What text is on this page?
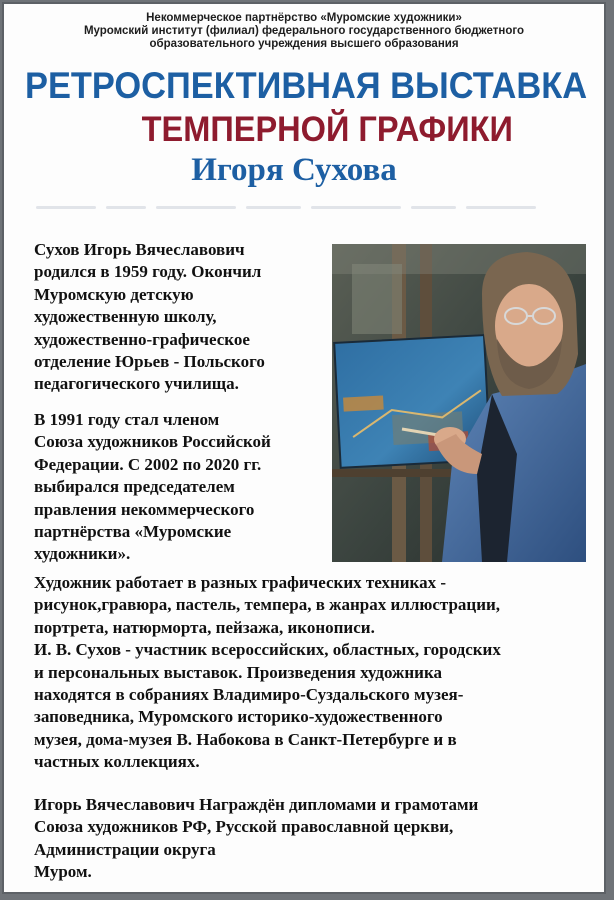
Некоммерческое партнёрство «Муромские художники»
Муромский институт (филиал) федерального государственного бюджетного
образовательного учреждения высшего образования
РЕТРОСПЕКТИВНАЯ ВЫСТАВКА
ТЕМПЕРНОЙ ГРАФИКИ
Игоря Сухова

Сухов Игорь Вячеславович
родился в 1959 году. Окончил
Муромскую детскую
художественную школу,
художественно-графическое
отделение Юрьев - Польского
педагогического училища.

В 1991 году стал членом
Союза художников Российской
Федерации. С 2002 по 2020 гг.
выбирался председателем
правления некоммерческого
партнёрства «Муромские
художники».

Художник работает в разных графических техниках -
рисунок,гравюра, пастель, темпера, в жанрах иллюстрации,
портрета, натюрморта, пейзажа, иконописи.
И. В. Сухов - участник всероссийских, областных, городских
и персональных выставок. Произведения художника
находятся в собраниях Владимиро-Суздальского музея-
заповедника, Муромского историко-художественного
музея, дома-музея В. Набокова в Санкт-Петербурге и в
частных коллекциях.

Игорь Вячеславович Награждён дипломами и грамотами
Союза художников РФ, Русской православной церкви,
Администрации округа
Муром.
